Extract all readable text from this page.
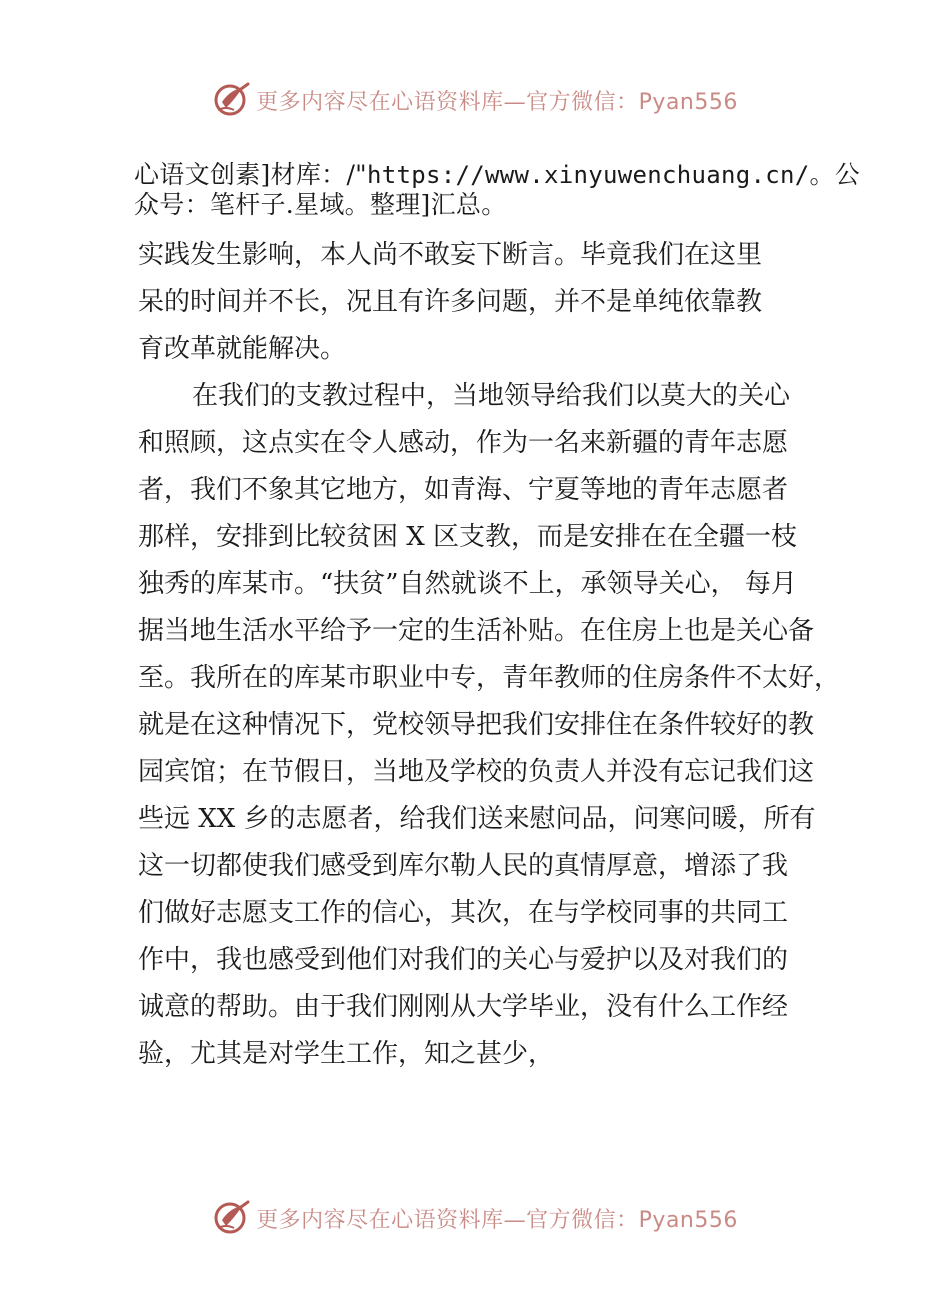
更多内容尽在心语资料库—官方微信：Pyan556
心语文创素]材库：/"https://www.xinyuwenchuang.cn/。公
众号：笔杆子.星域。整理]汇总。
实践发生影响，本人尚不敢妄下断言。毕竟我们在这里
呆的时间并不长，况且有许多问题，并不是单纯依靠教
育改革就能解决。
在我们的支教过程中，当地领导给我们以莫大的关心
和照顾，这点实在令人感动，作为一名来新疆的青年志愿
者，我们不象其它地方，如青海、宁夏等地的青年志愿者
那样，安排到比较贫困 X 区支教，而是安排在在全疆一枝
独秀的库某市。“扶贫”自然就谈不上，承领导关心， 每月
据当地生活水平给予一定的生活补贴。在住房上也是关心备
至。我所在的库某市职业中专，青年教师的住房条件不太好，
就是在这种情况下，党校领导把我们安排住在条件较好的教
园宾馆；在节假日，当地及学校的负责人并没有忘记我们这
些远 XX 乡的志愿者，给我们送来慰问品，问寒问暖，所有
这一切都使我们感受到库尔勒人民的真情厚意，增添了我
们做好志愿支工作的信心，其次，在与学校同事的共同工
作中，我也感受到他们对我们的关心与爱护以及对我们的
诚意的帮助。由于我们刚刚从大学毕业，没有什么工作经
验，尤其是对学生工作，知之甚少，
更多内容尽在心语资料库—官方微信：Pyan556
